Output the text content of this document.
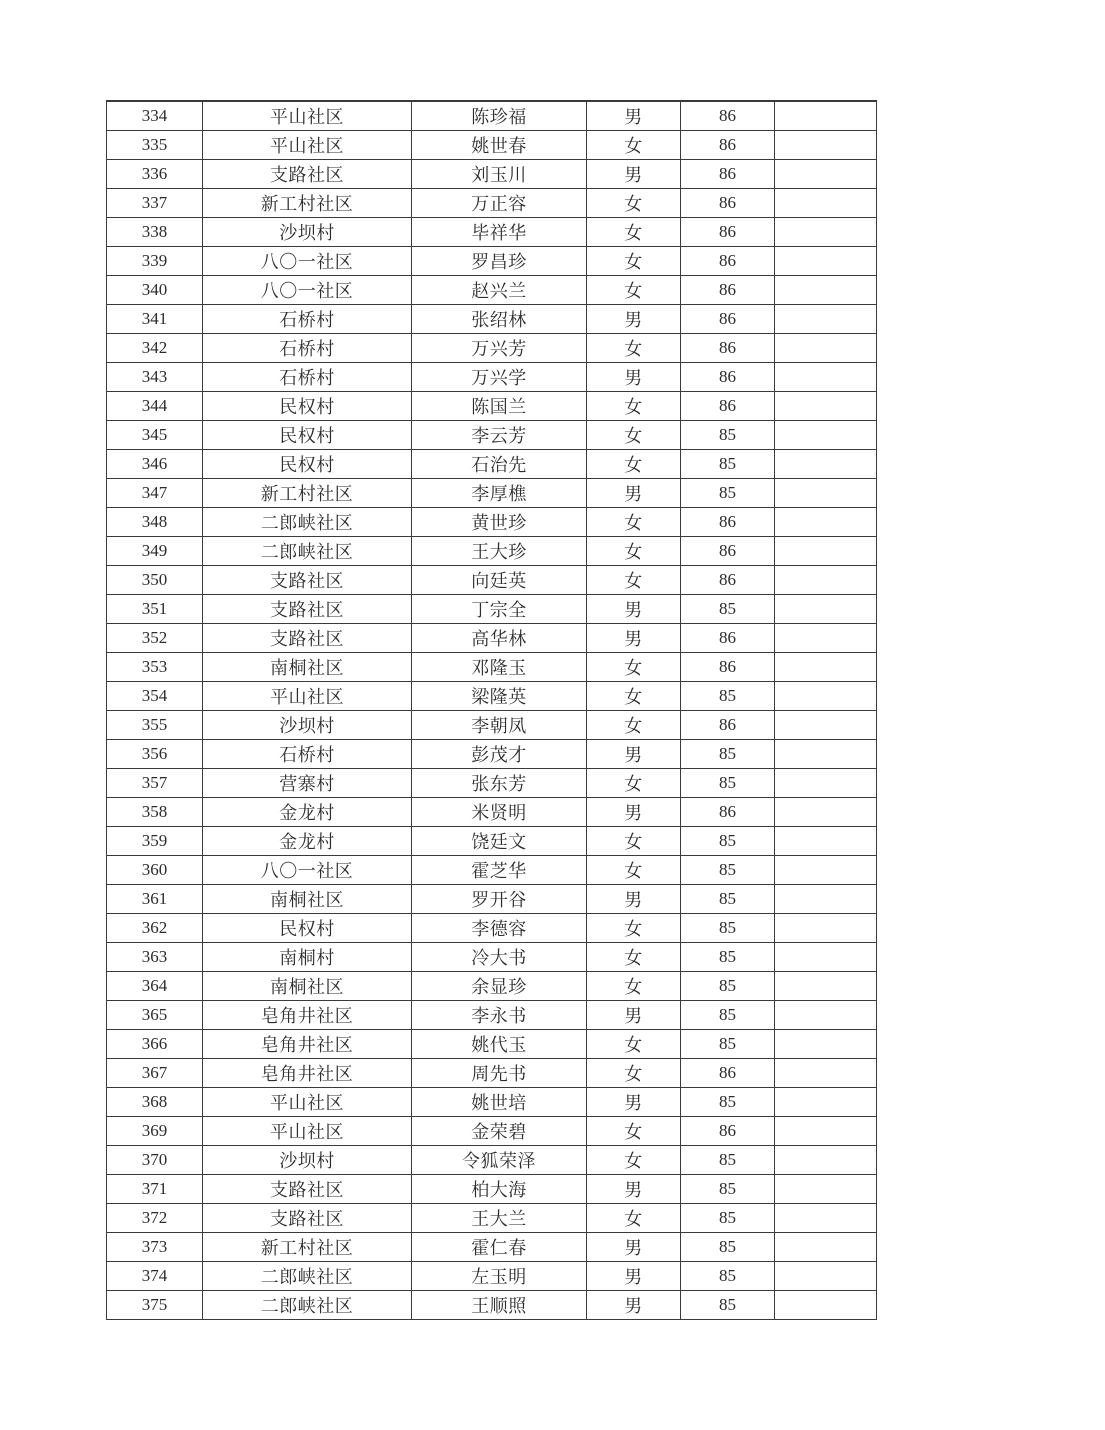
334	平山社区	陈珍福	男	86	
335	平山社区	姚世春	女	86	
336	支路社区	刘玉川	男	86	
337	新工村社区	万正容	女	86	
338	沙坝村	毕祥华	女	86	
339	八〇一社区	罗昌珍	女	86	
340	八〇一社区	赵兴兰	女	86	
341	石桥村	张绍林	男	86	
342	石桥村	万兴芳	女	86	
343	石桥村	万兴学	男	86	
344	民权村	陈国兰	女	86	
345	民权村	李云芳	女	85	
346	民权村	石治先	女	85	
347	新工村社区	李厚樵	男	85	
348	二郎峡社区	黄世珍	女	86	
349	二郎峡社区	王大珍	女	86	
350	支路社区	向廷英	女	86	
351	支路社区	丁宗全	男	85	
352	支路社区	高华林	男	86	
353	南桐社区	邓隆玉	女	86	
354	平山社区	梁隆英	女	85	
355	沙坝村	李朝凤	女	86	
356	石桥村	彭茂才	男	85	
357	营寨村	张东芳	女	85	
358	金龙村	米贤明	男	86	
359	金龙村	饶廷文	女	85	
360	八〇一社区	霍芝华	女	85	
361	南桐社区	罗开谷	男	85	
362	民权村	李德容	女	85	
363	南桐村	冷大书	女	85	
364	南桐社区	余显珍	女	85	
365	皂角井社区	李永书	男	85	
366	皂角井社区	姚代玉	女	85	
367	皂角井社区	周先书	女	86	
368	平山社区	姚世培	男	85	
369	平山社区	金荣碧	女	86	
370	沙坝村	令狐荣泽	女	85	
371	支路社区	柏大海	男	85	
372	支路社区	王大兰	女	85	
373	新工村社区	霍仁春	男	85	
374	二郎峡社区	左玉明	男	85	
375	二郎峡社区	王顺照	男	85	
